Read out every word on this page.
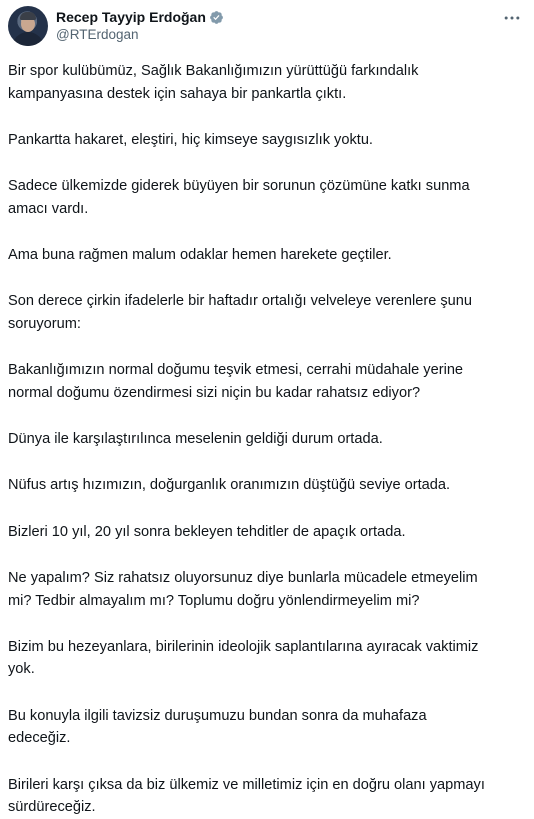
Recep Tayyip Erdoğan
@RTErdogan

Bir spor kulübümüz, Sağlık Bakanlığımızın yürüttüğü farkındalık
kampanyasına destek için sahaya bir pankartla çıktı.

Pankartta hakaret, eleştiri, hiç kimseye saygısızlık yoktu.

Sadece ülkemizde giderek büyüyen bir sorunun çözümüne katkı sunma
amacı vardı.

Ama buna rağmen malum odaklar hemen harekete geçtiler.

Son derece çirkin ifadelerle bir haftadır ortalığı velveleye verenlere şunu
soruyorum:

Bakanlığımızın normal doğumu teşvik etmesi, cerrahi müdahale yerine
normal doğumu özendirmesi sizi niçin bu kadar rahatsız ediyor?

Dünya ile karşılaştırılınca meselenin geldiği durum ortada.

Nüfus artış hızımızın, doğurganlık oranımızın düştüğü seviye ortada.

Bizleri 10 yıl, 20 yıl sonra bekleyen tehditler de apaçık ortada.

Ne yapalım? Siz rahatsız oluyorsunuz diye bunlarla mücadele etmeyelim
mi? Tedbir almayalım mı? Toplumu doğru yönlendirmeyelim mi?

Bizim bu hezeyanlara, birilerinin ideolojik saplantılarına ayıracak vaktimiz
yok.

Bu konuyla ilgili tavizsiz duruşumuzu bundan sonra da muhafaza
edeceğiz.

Birileri karşı çıksa da biz ülkemiz ve milletimiz için en doğru olanı yapmayı
sürdüreceğiz.
